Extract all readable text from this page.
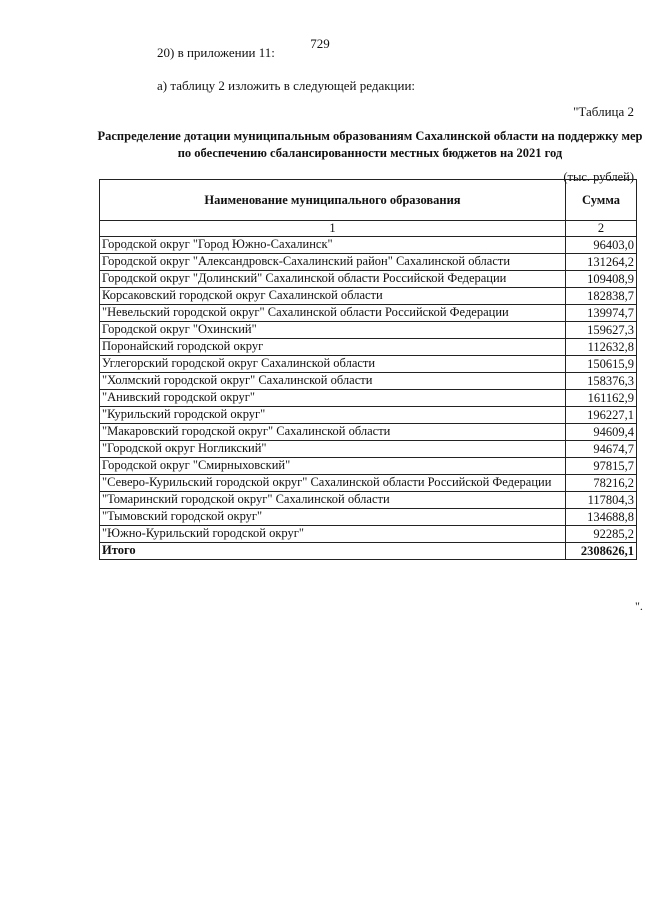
729
20) в приложении 11:
а) таблицу 2 изложить в следующей редакции:
"Таблица 2
Распределение дотации муниципальным образованиям Сахалинской области на поддержку мер по обеспечению сбалансированности местных бюджетов на 2021 год
(тыс. рублей)
Наименование муниципального образования	Сумма
1	2
Городской округ "Город Южно-Сахалинск"	96403,0
Городской округ "Александровск-Сахалинский район" Сахалинской области	131264,2
Городской округ "Долинский" Сахалинской области Российской Федерации	109408,9
Корсаковский городской округ Сахалинской области	182838,7
"Невельский городской округ" Сахалинской области Российской Федерации	139974,7
Городской округ "Охинский"	159627,3
Поронайский городской округ	112632,8
Углегорский городской округ Сахалинской области	150615,9
"Холмский городской округ" Сахалинской области	158376,3
"Анивский городской округ"	161162,9
"Курильский городской округ"	196227,1
"Макаровский городской округ" Сахалинской области	94609,4
"Городской округ Ногликский"	94674,7
Городской округ "Смирныховский"	97815,7
"Северо-Курильский городской округ" Сахалинской области Российской Федерации	78216,2
"Томаринский городской округ" Сахалинской области	117804,3
"Тымовский городской округ"	134688,8
"Южно-Курильский городской округ"	92285,2
Итого	2308626,1
".
